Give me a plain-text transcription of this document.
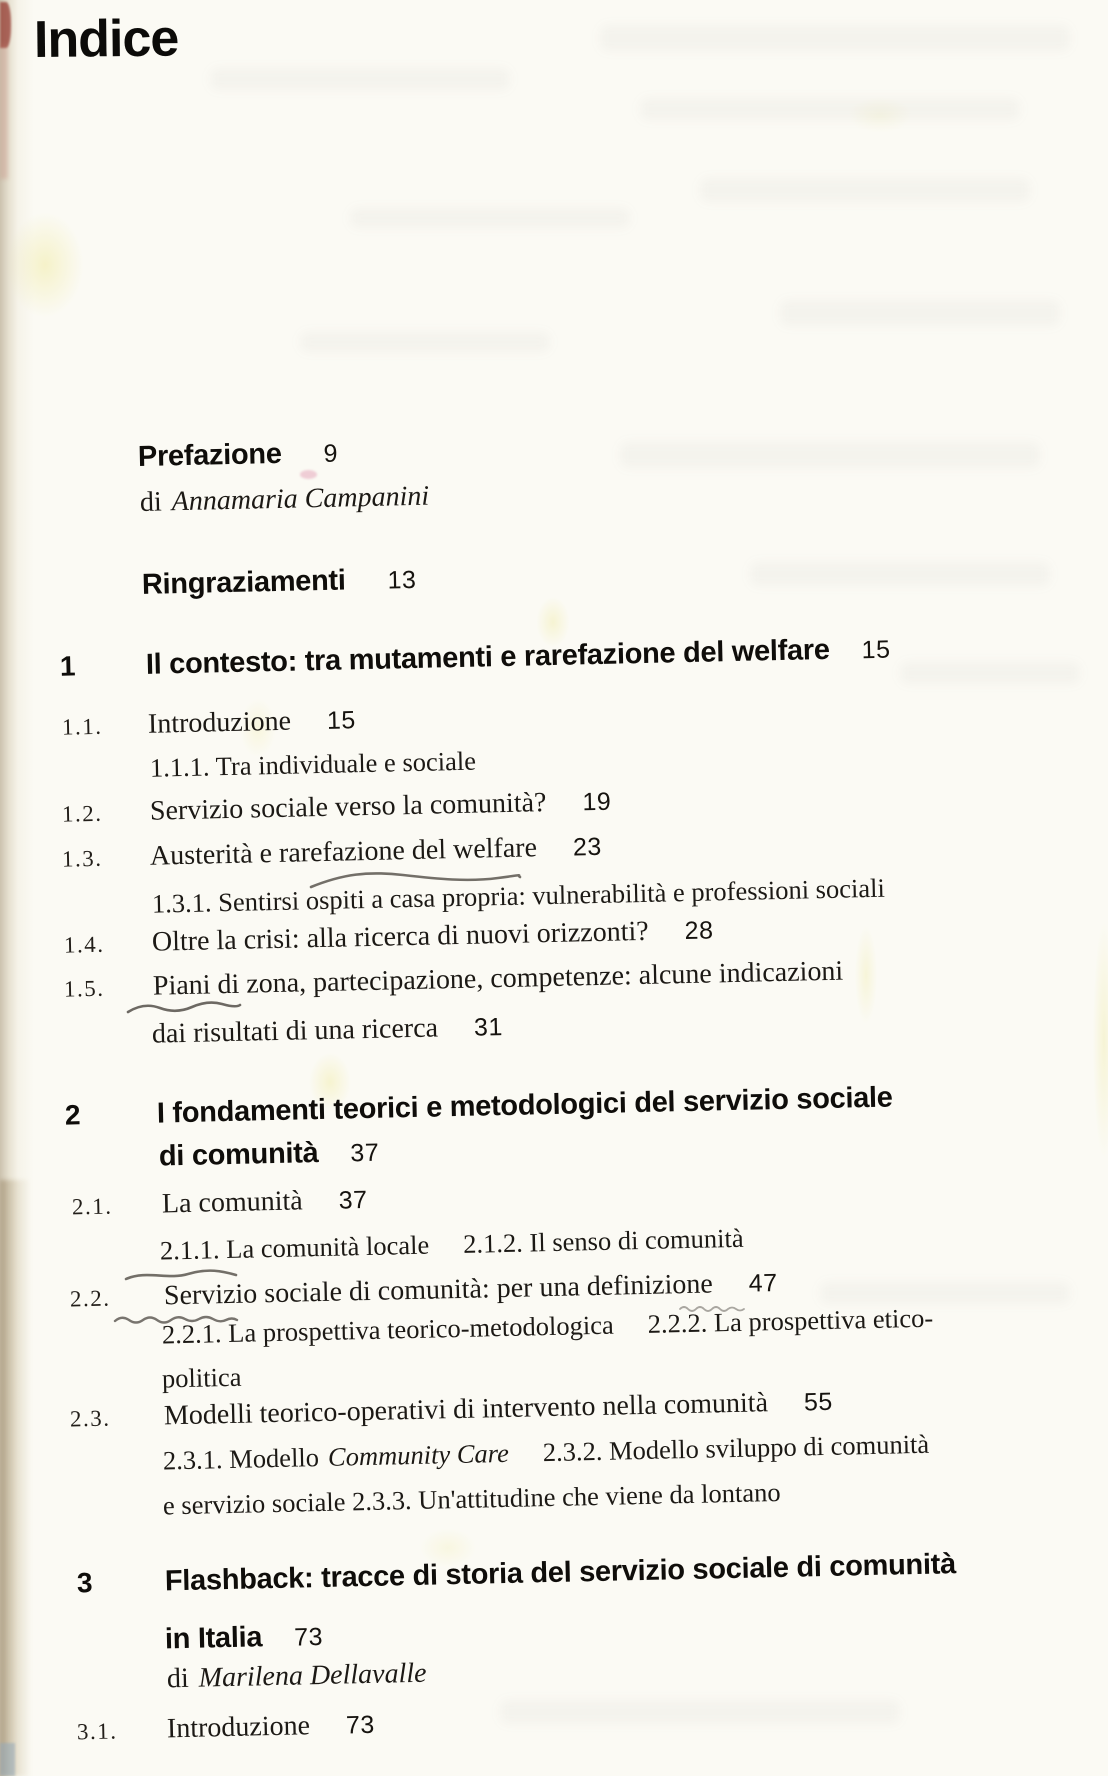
Indice
Prefazione 9
di Annamaria Campanini
Ringraziamenti 13
1 Il contesto: tra mutamenti e rarefazione del welfare 15
1.1. Introduzione 15
1.1.1. Tra individuale e sociale
1.2. Servizio sociale verso la comunità? 19
1.3. Austerità e rarefazione del welfare 23
1.3.1. Sentirsi ospiti a casa propria: vulnerabilità e professioni sociali
1.4. Oltre la crisi: alla ricerca di nuovi orizzonti? 28
1.5. Piani di zona, partecipazione, competenze: alcune indicazioni
dai risultati di una ricerca 31
2	I fondamenti teorici e metodologici del servizio sociale
di comunità 37
2.1. La comunità 37
2.1.1. La comunità locale 2.1.2. Il senso di comunità
2.2. Servizio sociale di comunità: per una definizione 47
2.2.1. La prospettiva teorico-metodologica 2.2.2. La prospettiva etico-
politica
2.3. Modelli teorico-operativi di intervento nella comunità 55
2.3.1. Modello Community Care 2.3.2. Modello sviluppo di comunità
e servizio sociale 2.3.3. Un'attitudine che viene da lontano
3 Flashback: tracce di storia del servizio sociale di comunità
in Italia 73
di Marilena Dellavalle
3.1. Introduzione 73
